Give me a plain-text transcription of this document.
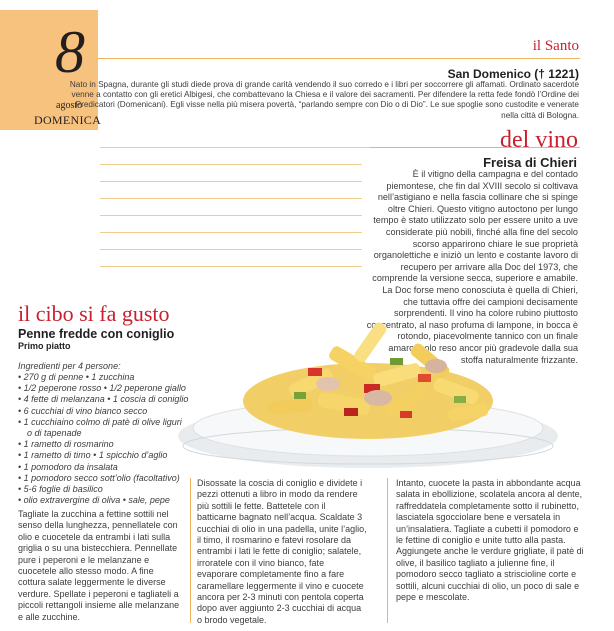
8
agosto
DOMENICA
il Santo
San Domenico († 1221)
Nato in Spagna, durante gli studi diede prova di grande carità vendendo il suo corredo e i libri per soccorrere gli affamati. Ordinato sacerdote venne a contatto con gli eretici Albigesi, che combattevano la Chiesa e il valore dei sacramenti. Per difendere la retta fede fondò l’Ordine dei Predicatori (Domenicani). Egli visse nella più misera povertà, “parlando sempre con Dio o di Dio”. Le sue spoglie sono custodite e venerate nella città di Bologna.
del vino
Freisa di Chieri
È il vitigno della campagna e del contado piemontese, che fin dal XVIII secolo si coltivava nell’astigiano e nella fascia collinare che si spinge oltre Chieri. Questo vitigno autoctono per lungo tempo è stato utilizzato solo per essere unito a uve considerate più nobili, finché alla fine del secolo scorso apparirono chiare le sue proprietà organolettiche e iniziò un lento e costante lavoro di recupero per arrivare alla Doc del 1973, che comprende la versione secca, superiore e amabile. La Doc forse meno conosciuta è quella di Chieri,
il cibo si fa gusto
Penne fredde con coniglio
Primo piatto
Ingredienti per 4 persone:
• 270 g di penne • 1 zucchina
• 1/2 peperone rosso • 1/2 peperone giallo
• 4 fette di melanzana • 1 coscia di coniglio
• 6 cucchiai di vino bianco secco
• 1 cucchiaino colmo di patè di olive liguri
o di tapenade
• 1 rametto di rosmarino
• 1 rametto di timo • 1 spicchio d’aglio
• 1 pomodoro da insalata
• 1 pomodoro secco sott’olio (facoltativo)
• 5-6 foglie di basilico
• olio extravergine di oliva • sale, pepe
Tagliate la zucchina a fettine sottili nel senso della lunghezza, pennellatele con olio e cuocetele da entrambi i lati sulla griglia o su una bistecchiera. Pennellate pure i peperoni e le melanzane e cuocetele allo stesso modo. A fine cottura salate leggermente le diverse verdure. Spellate i peperoni e tagliateli a piccoli rettangoli insieme alle melanzane e alle zucchine.
Disossate la coscia di coniglio e dividete i pezzi ottenuti a libro in modo da rendere più sottili le fette. Battetele con il batticarne bagnato nell’acqua. Scaldate 3 cucchiai di olio in una padella, unite l’aglio, il timo, il rosmarino e fatevi rosolare da entrambi i lati le fette di coniglio; salatele, irroratele con il vino bianco, fate evaporare completamente fino a fare caramellare leggermente il vino e cuocete ancora per 2-3 minuti con pentola coperta dopo aver aggiunto 2-3 cucchiai di acqua o brodo vegetale.
Intanto, cuocete la pasta in abbondante acqua salata in ebollizione, scolatela ancora al dente, raffreddatela completamente sotto il rubinetto, lasciatela sgocciolare bene e versatela in un’insalatiera. Tagliate a cubetti il pomodoro e le fettine di coniglio e unite tutto alla pasta. Aggiungete anche le verdure grigliate, il patè di olive, il basilico tagliato a julienne fine, il pomodoro secco tagliato a striscioline corte e sottili, alcuni cucchiai di olio, un poco di sale e pepe e mescolate.
